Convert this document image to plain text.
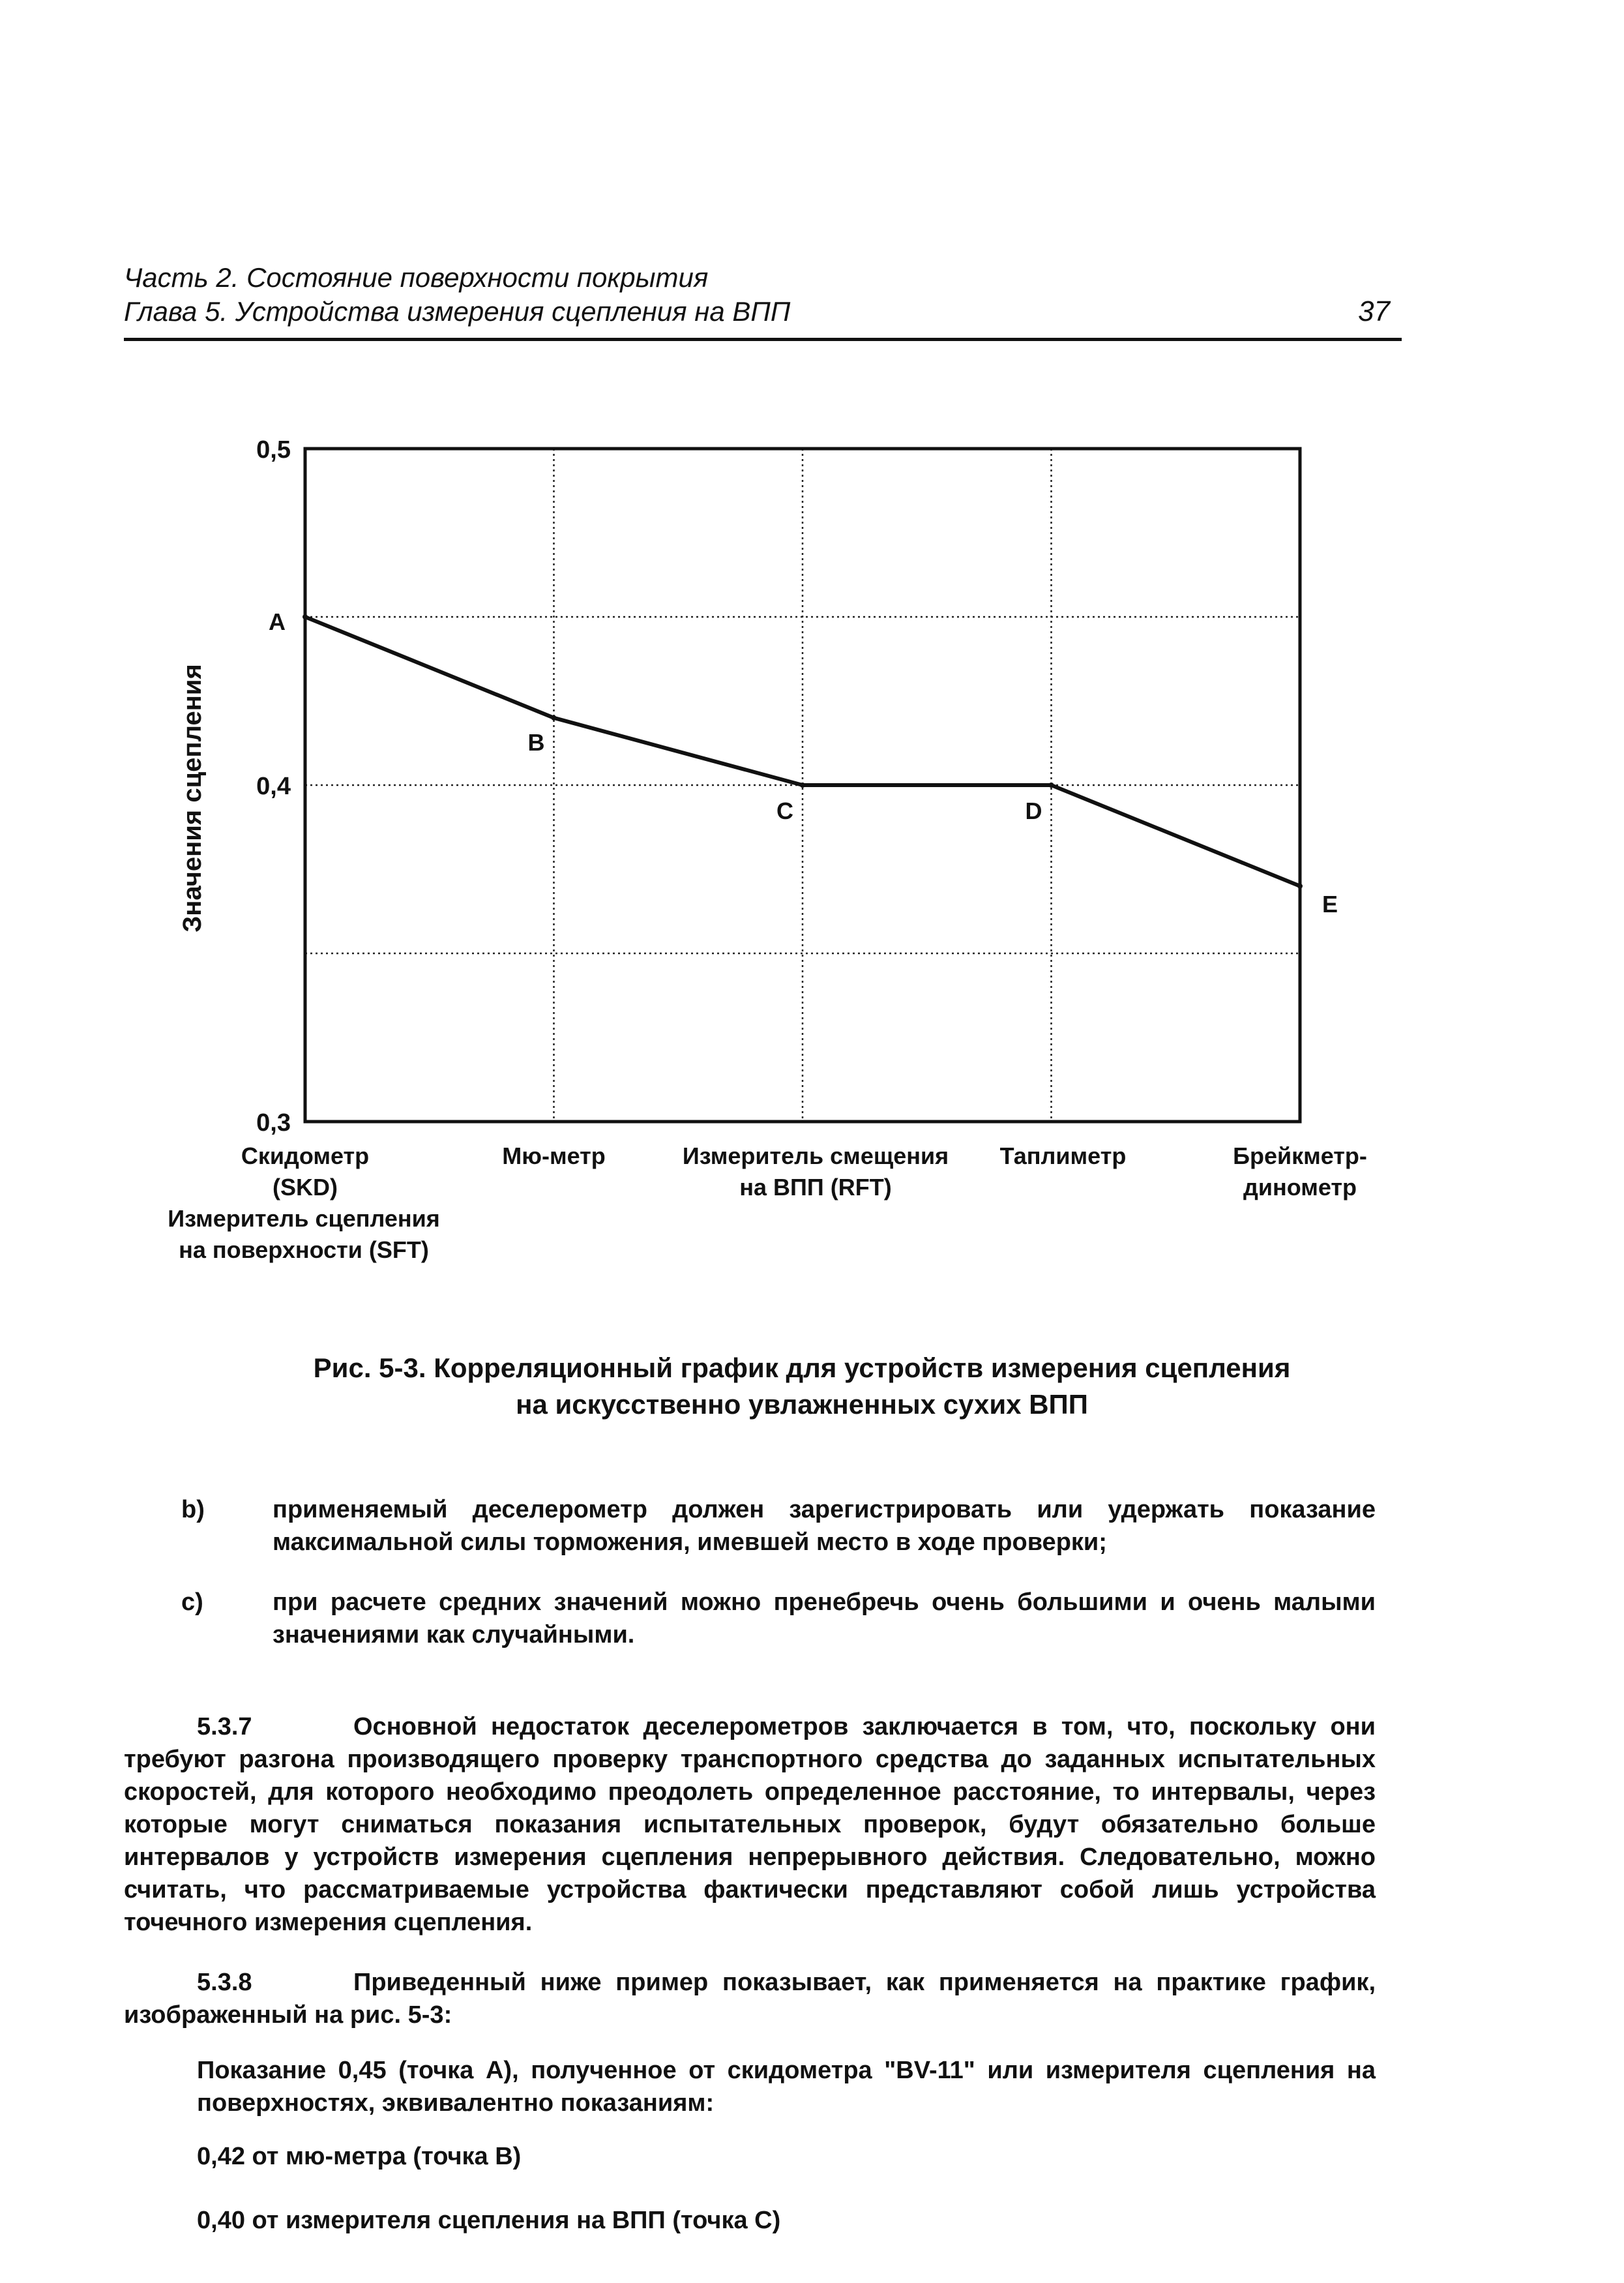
Часть 2. Состояние поверхности покрытия

Глава 5. Устройства измерения сцепления на ВПП	37
0,3
0,4
0,5
Значения сцепления
A
B
C	D
E
Скидометр
(SKD)
Измеритель сцепления
на поверхности (SFT)
Мю-метр	Измеритель смещения
на ВПП (RFT)
Таплиметр	Брейкметр-
динометр
Рис. 5-3. Корреляционный график для устройств измерения сцепления
на искусственно увлажненных сухих ВПП
b)	применяемый деселерометр должен зарегистрировать или удержать показание максимальной силы торможения, имевшей место в ходе проверки;
c)	при расчете средних значений можно пренебречь очень большими и очень малыми значениями как случайными.
5.3.7	Основной недостаток деселерометров заключается в том, что, поскольку они требуют разгона производящего проверку транспортного средства до заданных испытательных скоростей, для которого необходимо преодолеть определенное расстояние, то интервалы, через которые могут сниматься показания испытательных проверок, будут обязательно больше интервалов у устройств измерения сцепления непрерывного действия. Следовательно, можно считать, что рассматриваемые устройства фактически представляют собой лишь устройства точечного измерения сцепления.
5.3.8	Приведенный ниже пример показывает, как применяется на практике график, изображенный на рис. 5-3:
Показание 0,45 (точка А), полученное от скидометра "BV-11" или измерителя сцепления на поверхностях, эквивалентно показаниям:
0,42 от мю-метра (точка В)
0,40 от измерителя сцепления на ВПП (точка С)
